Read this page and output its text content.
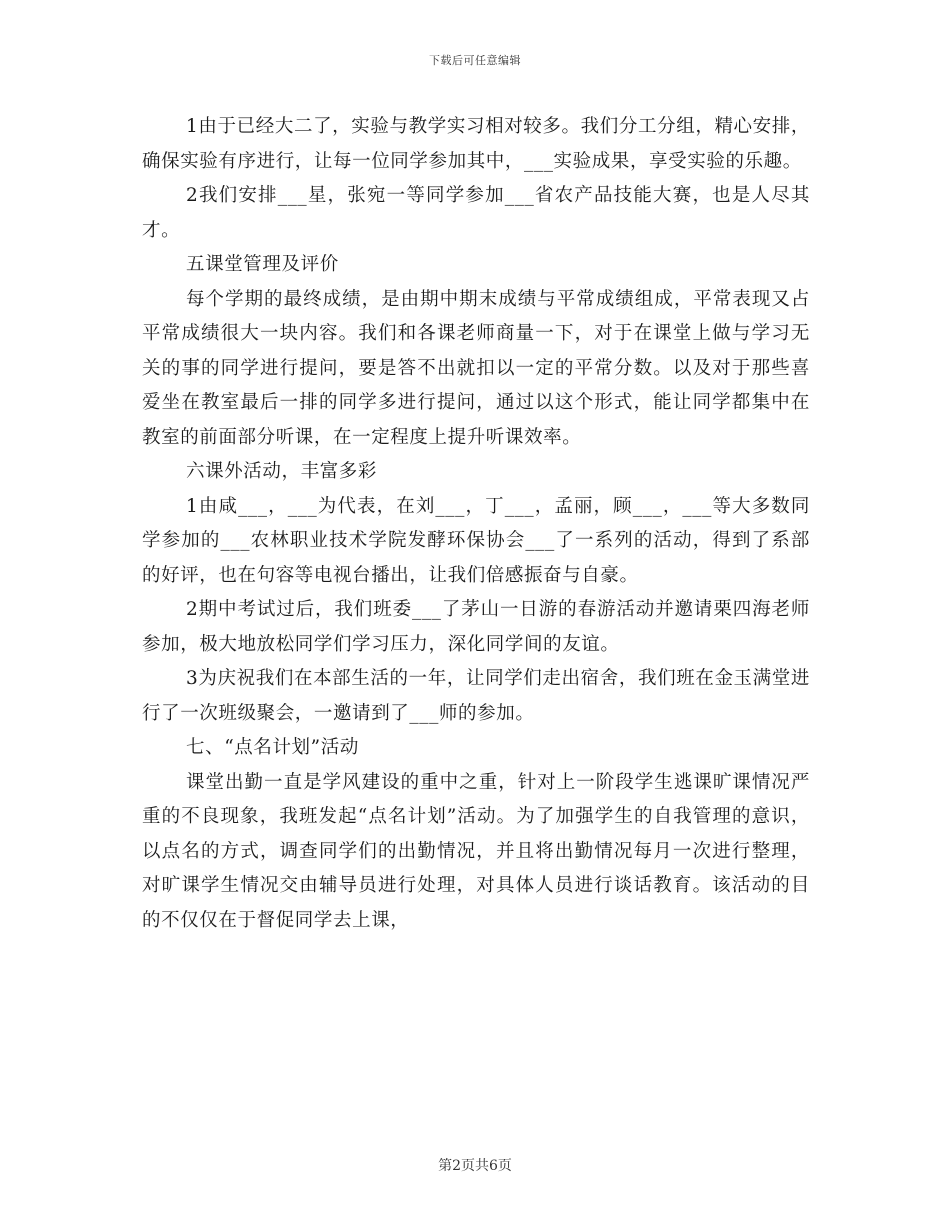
下载后可任意编辑

1由于已经大二了，实验与教学实习相对较多。我们分工分组，精心安排，确保实验有序进行，让每一位同学参加其中，___实验成果，享受实验的乐趣。

2我们安排___星，张宛一等同学参加___省农产品技能大赛，也是人尽其才。

五课堂管理及评价

每个学期的最终成绩，是由期中期末成绩与平常成绩组成，平常表现又占平常成绩很大一块内容。我们和各课老师商量一下，对于在课堂上做与学习无关的事的同学进行提问，要是答不出就扣以一定的平常分数。以及对于那些喜爱坐在教室最后一排的同学多进行提问，通过以这个形式，能让同学都集中在教室的前面部分听课，在一定程度上提升听课效率。

六课外活动，丰富多彩

1由咸___，___为代表，在刘___，丁___，孟丽，顾___，___等大多数同学参加的___农林职业技术学院发酵环保协会___了一系列的活动，得到了系部的好评，也在句容等电视台播出，让我们倍感振奋与自豪。

2期中考试过后，我们班委___了茅山一日游的春游活动并邀请栗四海老师参加，极大地放松同学们学习压力，深化同学间的友谊。

3为庆祝我们在本部生活的一年，让同学们走出宿舍，我们班在金玉满堂进行了一次班级聚会，一邀请到了___师的参加。

七、“点名计划”活动

课堂出勤一直是学风建设的重中之重，针对上一阶段学生逃课旷课情况严重的不良现象，我班发起“点名计划”活动。为了加强学生的自我管理的意识，以点名的方式，调查同学们的出勤情况，并且将出勤情况每月一次进行整理，对旷课学生情况交由辅导员进行处理，对具体人员进行谈话教育。该活动的目的不仅仅在于督促同学去上课，

第2页共6页
